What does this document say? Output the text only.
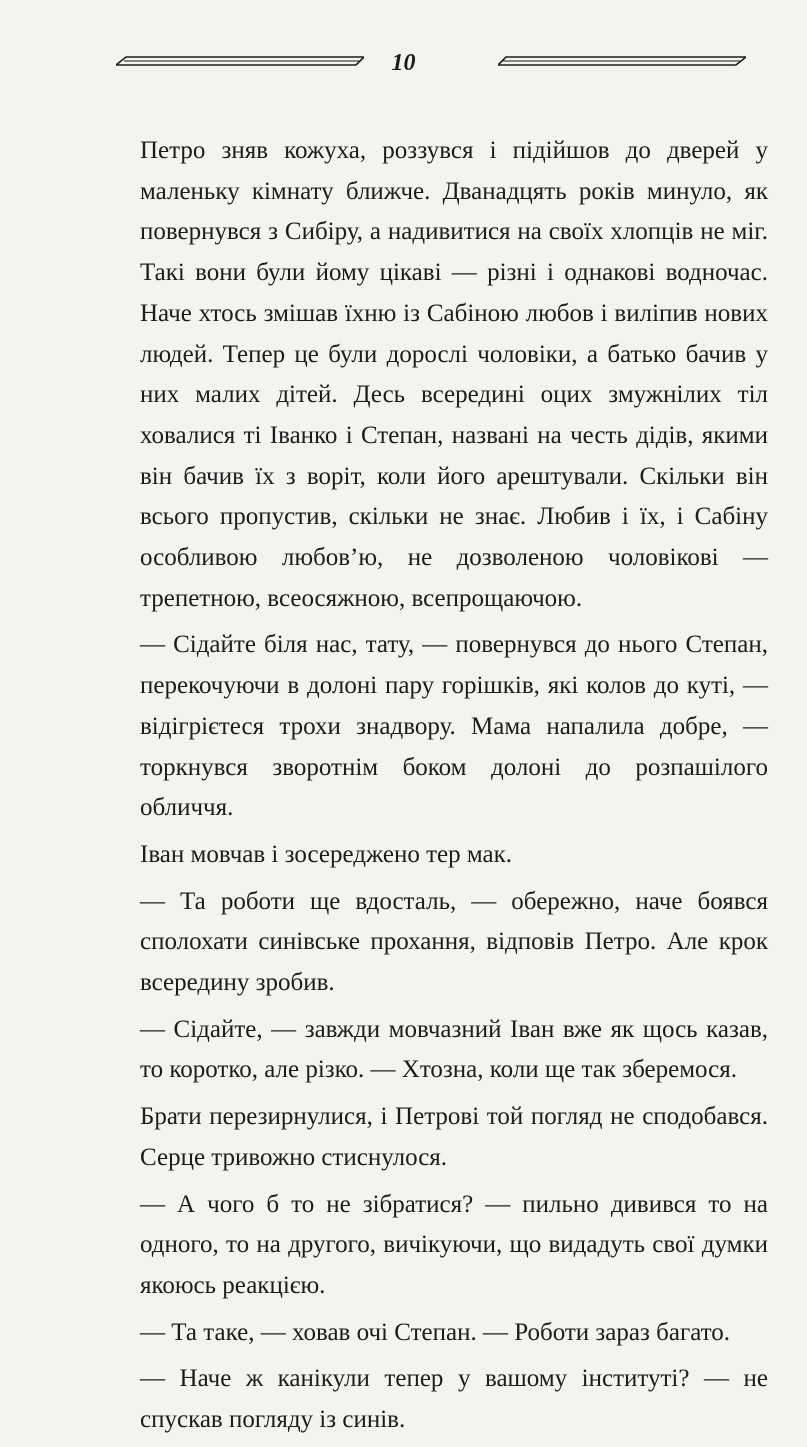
10

Петро зняв кожуха, роззувся і підійшов до дверей у маленьку кімнату ближче. Дванадцять років минуло, як повернувся з Сибіру, а надивитися на своїх хлопців не міг. Такі вони були йому цікаві — різні і однакові водночас. Наче хтось змішав їхню із Сабіною любов і виліпив нових людей. Тепер це були дорослі чоловіки, а батько бачив у них малих дітей. Десь всередині оцих змужнілих тіл ховалися ті Іванко і Степан, названі на честь дідів, якими він бачив їх з воріт, коли його арештували. Скільки він всього пропустив, скільки не знає. Любив і їх, і Сабіну особливою любов’ю, не дозволеною чоловікові — трепетною, всеосяжною, всепрощаючою.

— Сідайте біля нас, тату, — повернувся до нього Степан, перекочуючи в долоні пару горішків, які колов до куті, — відігрієтеся трохи знадвору. Мама напалила добре, — торкнувся зворотнім боком долоні до розпашілого обличчя.

Іван мовчав і зосереджено тер мак.

— Та роботи ще вдосталь, — обережно, наче боявся сполохати синівське прохання, відповів Петро. Але крок всередину зробив.

— Сідайте, — завжди мовчазний Іван вже як щось казав, то коротко, але різко. — Хтозна, коли ще так зберемося.

Брати перезирнулися, і Петрові той погляд не сподобався. Серце тривожно стиснулося.

— А чого б то не зібратися? — пильно дивився то на одного, то на другого, вичікуючи, що видадуть свої думки якоюсь реакцією.

— Та таке, — ховав очі Степан. — Роботи зараз багато.

— Наче ж канікули тепер у вашому інституті? — не спускав погляду із синів.
